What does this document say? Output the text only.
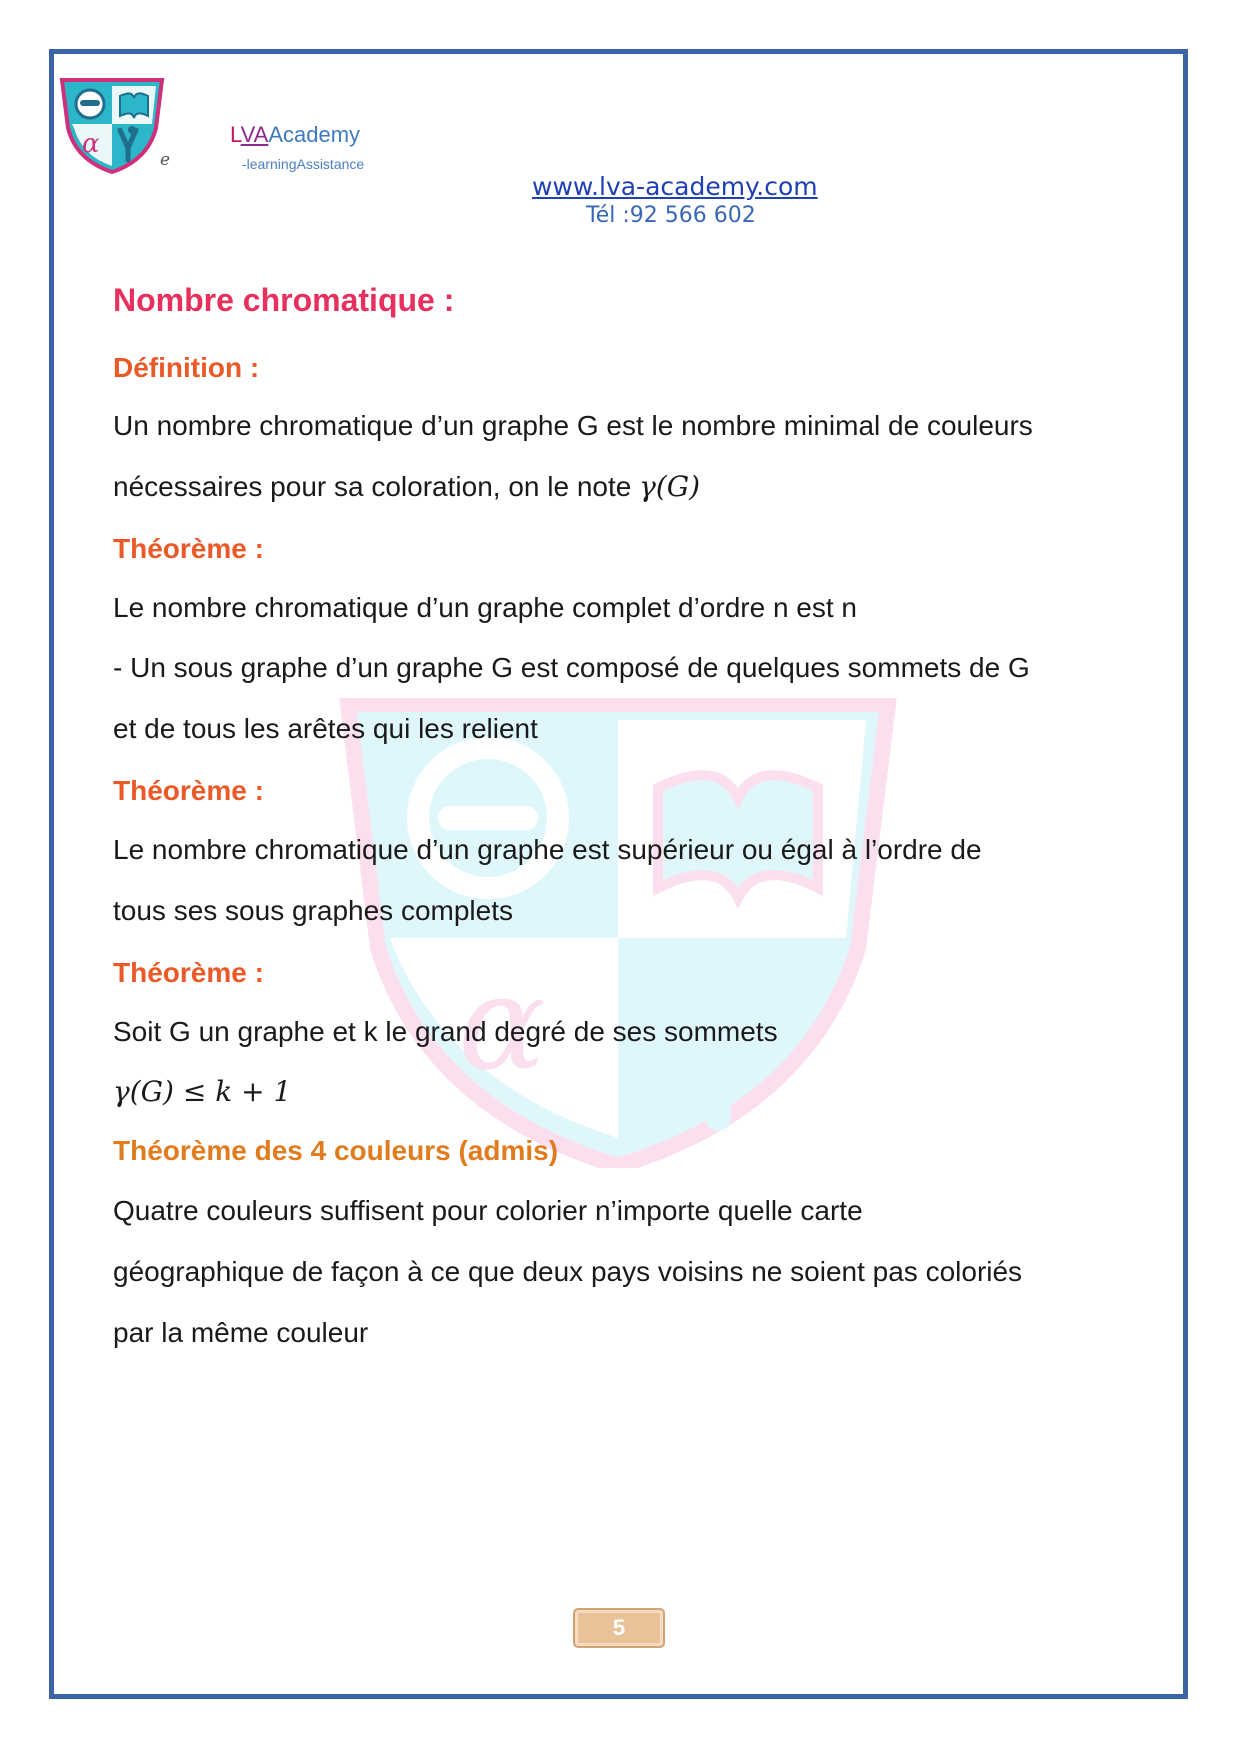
α
e
LVAAcademy
-learningAssistance
www.lva-academy.com
Tél :92 566 602
α
Nombre chromatique :
Définition :
Un nombre chromatique d’un graphe G est le nombre minimal de couleurs
nécessaires pour sa coloration, on le note γ(G)
Théorème :
Le nombre chromatique d’un graphe complet d’ordre n est n
- Un sous graphe d’un graphe G est composé de quelques sommets de G
et de tous les arêtes qui les relient
Théorème :
Le nombre chromatique d’un graphe est supérieur ou égal à l’ordre de
tous ses sous graphes complets
Théorème :
Soit G un graphe et k le grand degré de ses sommets
γ(G) ≤ k + 1
Théorème des 4 couleurs (admis)
Quatre couleurs suffisent pour colorier n’importe quelle carte
géographique de façon à ce que deux pays voisins ne soient pas coloriés
par la même couleur
5
